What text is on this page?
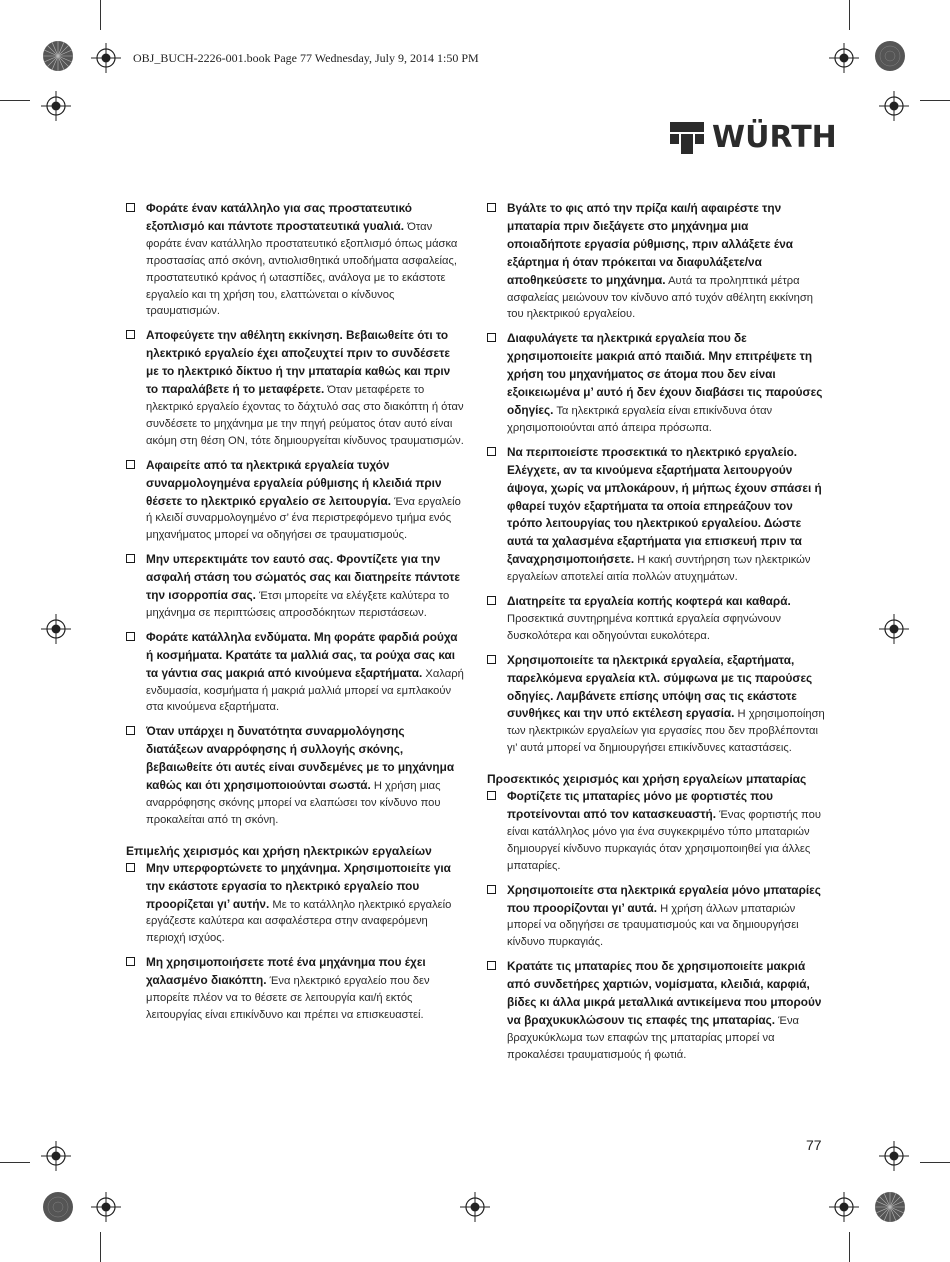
OBJ_BUCH-2226-001.book Page 77 Wednesday, July 9, 2014 1:50 PM
WÜRTH
Φοράτε έναν κατάλληλο για σας προστατευτικό εξοπλισμό και πάντοτε προστατευτικά γυαλιά. Όταν φοράτε έναν κατάλληλο προστατευτικό εξοπλισμό όπως μάσκα προστασίας από σκόνη, αντιολισθητικά υποδήματα ασφαλείας, προστατευτικό κράνος ή ωτασπίδες, ανάλογα με το εκάστοτε εργαλείο και τη χρήση του, ελαττώνεται ο κίνδυνος τραυματισμών.
Αποφεύγετε την αθέλητη εκκίνηση. Βεβαιωθείτε ότι το ηλεκτρικό εργαλείο έχει αποζευχτεί πριν το συνδέσετε με το ηλεκτρικό δίκτυο ή την μπαταρία καθώς και πριν το παραλάβετε ή το μεταφέρετε. Όταν μεταφέρετε το ηλεκτρικό εργαλείο έχοντας το δάχτυλό σας στο διακόπτη ή όταν συνδέσετε το μηχάνημα με την πηγή ρεύματος όταν αυτό είναι ακόμη στη θέση ON, τότε δημιουργείται κίνδυνος τραυματισμών.
Αφαιρείτε από τα ηλεκτρικά εργαλεία τυχόν συναρμολογημένα εργαλεία ρύθμισης ή κλειδιά πριν θέσετε το ηλεκτρικό εργαλείο σε λειτουργία. Ένα εργαλείο ή κλειδί συναρμολογημένο σ’ ένα περιστρεφόμενο τμήμα ενός μηχανήματος μπορεί να οδηγήσει σε τραυματισμούς.
Μην υπερεκτιμάτε τον εαυτό σας. Φροντίζετε για την ασφαλή στάση του σώματός σας και διατηρείτε πάντοτε την ισορροπία σας. Έτσι μπορείτε να ελέγξετε καλύτερα το μηχάνημα σε περιπτώσεις απροσδόκητων περιστάσεων.
Φοράτε κατάλληλα ενδύματα. Μη φοράτε φαρδιά ρούχα ή κοσμήματα. Κρατάτε τα μαλλιά σας, τα ρούχα σας και τα γάντια σας μακριά από κινούμενα εξαρτήματα. Χαλαρή ενδυμασία, κοσμήματα ή μακριά μαλλιά μπορεί να εμπλακούν στα κινούμενα εξαρτήματα.
Όταν υπάρχει η δυνατότητα συναρμολόγησης διατάξεων αναρρόφησης ή συλλογής σκόνης, βεβαιωθείτε ότι αυτές είναι συνδεμένες με το μηχάνημα καθώς και ότι χρησιμοποιούνται σωστά. Η χρήση μιας αναρρόφησης σκόνης μπορεί να ελαπώσει τον κίνδυνο που προκαλείται από τη σκόνη.
Επιμελής χειρισμός και χρήση ηλεκτρικών εργαλείων
Μην υπερφορτώνετε το μηχάνημα. Χρησιμοποιείτε για την εκάστοτε εργασία το ηλεκτρικό εργαλείο που προορίζεται γι’ αυτήν. Με το κατάλληλο ηλεκτρικό εργαλείο εργάζεστε καλύτερα και ασφαλέστερα στην αναφερόμενη περιοχή ισχύος.
Μη χρησιμοποιήσετε ποτέ ένα μηχάνημα που έχει χαλασμένο διακόπτη. Ένα ηλεκτρικό εργαλείο που δεν μπορείτε πλέον να το θέσετε σε λειτουργία και/ή εκτός λειτουργίας είναι επικίνδυνο και πρέπει να επισκευαστεί.
Βγάλτε το φις από την πρίζα και/ή αφαιρέστε την μπαταρία πριν διεξάγετε στο μηχάνημα μια οποιαδήποτε εργασία ρύθμισης, πριν αλλάξετε ένα εξάρτημα ή όταν πρόκειται να διαφυλάξετε/να αποθηκεύσετε το μηχάνημα. Αυτά τα προληπτικά μέτρα ασφαλείας μειώνουν τον κίνδυνο από τυχόν αθέλητη εκκίνηση του ηλεκτρικού εργαλείου.
Διαφυλάγετε τα ηλεκτρικά εργαλεία που δε χρησιμοποιείτε μακριά από παιδιά. Μην επιτρέψετε τη χρήση του μηχανήματος σε άτομα που δεν είναι εξοικειωμένα μ’ αυτό ή δεν έχουν διαβάσει τις παρούσες οδηγίες. Τα ηλεκτρικά εργαλεία είναι επικίνδυνα όταν χρησιμοποιούνται από άπειρα πρόσωπα.
Να περιποιείστε προσεκτικά το ηλεκτρικό εργαλείο. Ελέγχετε, αν τα κινούμενα εξαρτήματα λειτουργούν άψογα, χωρίς να μπλοκάρουν, ή μήπως έχουν σπάσει ή φθαρεί τυχόν εξαρτήματα τα οποία επηρεάζουν τον τρόπο λειτουργίας του ηλεκτρικού εργαλείου. Δώστε αυτά τα χαλασμένα εξαρτήματα για επισκευή πριν τα ξαναχρησιμοποιήσετε. Η κακή συντήρηση των ηλεκτρικών εργαλείων αποτελεί αιτία πολλών ατυχημάτων.
Διατηρείτε τα εργαλεία κοπής κοφτερά και καθαρά. Προσεκτικά συντηρημένα κοπτικά εργαλεία σφηνώνουν δυσκολότερα και οδηγούνται ευκολότερα.
Χρησιμοποιείτε τα ηλεκτρικά εργαλεία, εξαρτήματα, παρελκόμενα εργαλεία κτλ. σύμφωνα με τις παρούσες οδηγίες. Λαμβάνετε επίσης υπόψη σας τις εκάστοτε συνθήκες και την υπό εκτέλεση εργασία. Η χρησιμοποίηση των ηλεκτρικών εργαλείων για εργασίες που δεν προβλέπονται γι’ αυτά μπορεί να δημιουργήσει επικίνδυνες καταστάσεις.
Προσεκτικός χειρισμός και χρήση εργαλείων μπαταρίας
Φορτίζετε τις μπαταρίες μόνο με φορτιστές που προτείνονται από τον κατασκευαστή. Ένας φορτιστής που είναι κατάλληλος μόνο για ένα συγκεκριμένο τύπο μπαταριών δημιουργεί κίνδυνο πυρκαγιάς όταν χρησιμοποιηθεί για άλλες μπαταρίες.
Χρησιμοποιείτε στα ηλεκτρικά εργαλεία μόνο μπαταρίες που προορίζονται γι’ αυτά. Η χρήση άλλων μπαταριών μπορεί να οδηγήσει σε τραυματισμούς και να δημιουργήσει κίνδυνο πυρκαγιάς.
Κρατάτε τις μπαταρίες που δε χρησιμοποιείτε μακριά από συνδετήρες χαρτιών, νομίσματα, κλειδιά, καρφιά, βίδες κι άλλα μικρά μεταλλικά αντικείμενα που μπορούν να βραχυκυκλώσουν τις επαφές της μπαταρίας. Ένα βραχυκύκλωμα των επαφών της μπαταρίας μπορεί να προκαλέσει τραυματισμούς ή φωτιά.
77
